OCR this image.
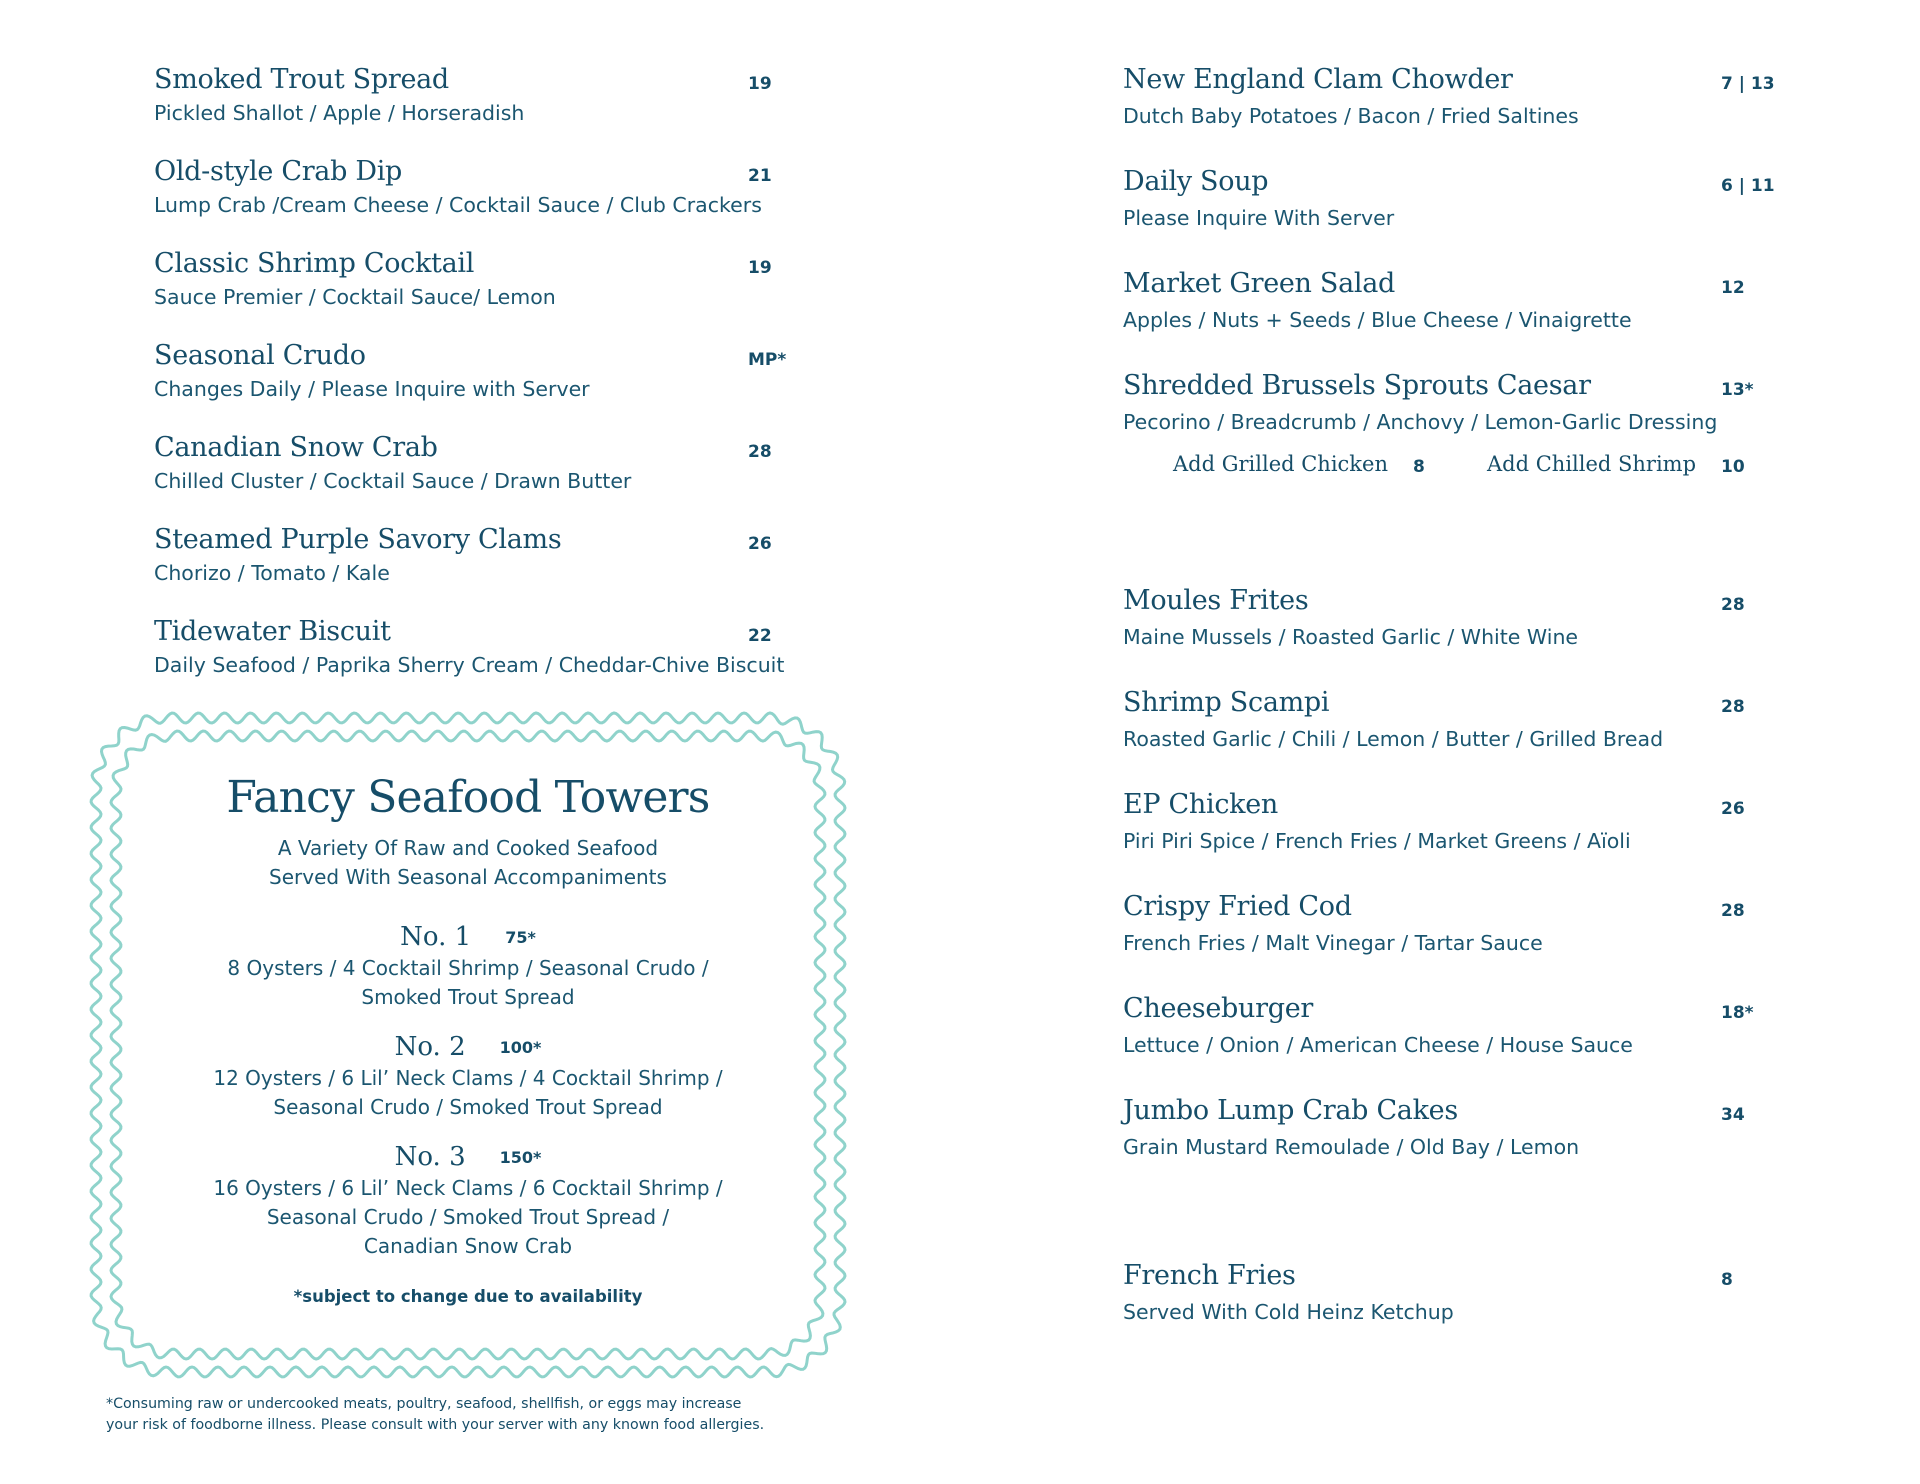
Smoked Trout Spread	19
Pickled Shallot / Apple / Horseradish
Old-style Crab Dip	21
Lump Crab /Cream Cheese / Cocktail Sauce / Club Crackers
Classic Shrimp Cocktail	19
Sauce Premier / Cocktail Sauce/ Lemon
Seasonal Crudo	MP*
Changes Daily / Please Inquire with Server
Canadian Snow Crab	28
Chilled Cluster / Cocktail Sauce / Drawn Butter
Steamed Purple Savory Clams	26
Chorizo / Tomato / Kale
Tidewater Biscuit	22
Daily Seafood / Paprika Sherry Cream / Cheddar-Chive Biscuit
Fancy Seafood Towers
A Variety Of Raw and Cooked Seafood
Served With Seasonal Accompaniments
No. 1 75*
8 Oysters / 4 Cocktail Shrimp / Seasonal Crudo /
Smoked Trout Spread
No. 2 100*
12 Oysters / 6 Lil’ Neck Clams / 4 Cocktail Shrimp /
Seasonal Crudo / Smoked Trout Spread
No. 3 150*
16 Oysters / 6 Lil’ Neck Clams / 6 Cocktail Shrimp /
Seasonal Crudo / Smoked Trout Spread /
Canadian Snow Crab
*subject to change due to availability
*Consuming raw or undercooked meats, poultry, seafood, shellfish, or eggs may increase
your risk of foodborne illness. Please consult with your server with any known food allergies.
New England Clam Chowder	7 | 13
Dutch Baby Potatoes / Bacon / Fried Saltines
Daily Soup	6 | 11
Please Inquire With Server
Market Green Salad	12
Apples / Nuts + Seeds / Blue Cheese / Vinaigrette
Shredded Brussels Sprouts Caesar	13*
Pecorino / Breadcrumb / Anchovy / Lemon-Garlic Dressing
Add Grilled Chicken 8	Add Chilled Shrimp 10
Moules Frites	28
Maine Mussels / Roasted Garlic / White Wine
Shrimp Scampi	28
Roasted Garlic / Chili / Lemon / Butter / Grilled Bread
EP Chicken	26
Piri Piri Spice / French Fries / Market Greens / Aïoli
Crispy Fried Cod	28
French Fries / Malt Vinegar / Tartar Sauce
Cheeseburger	18*
Lettuce / Onion / American Cheese / House Sauce
Jumbo Lump Crab Cakes	34
Grain Mustard Remoulade / Old Bay / Lemon
French Fries	8
Served With Cold Heinz Ketchup
